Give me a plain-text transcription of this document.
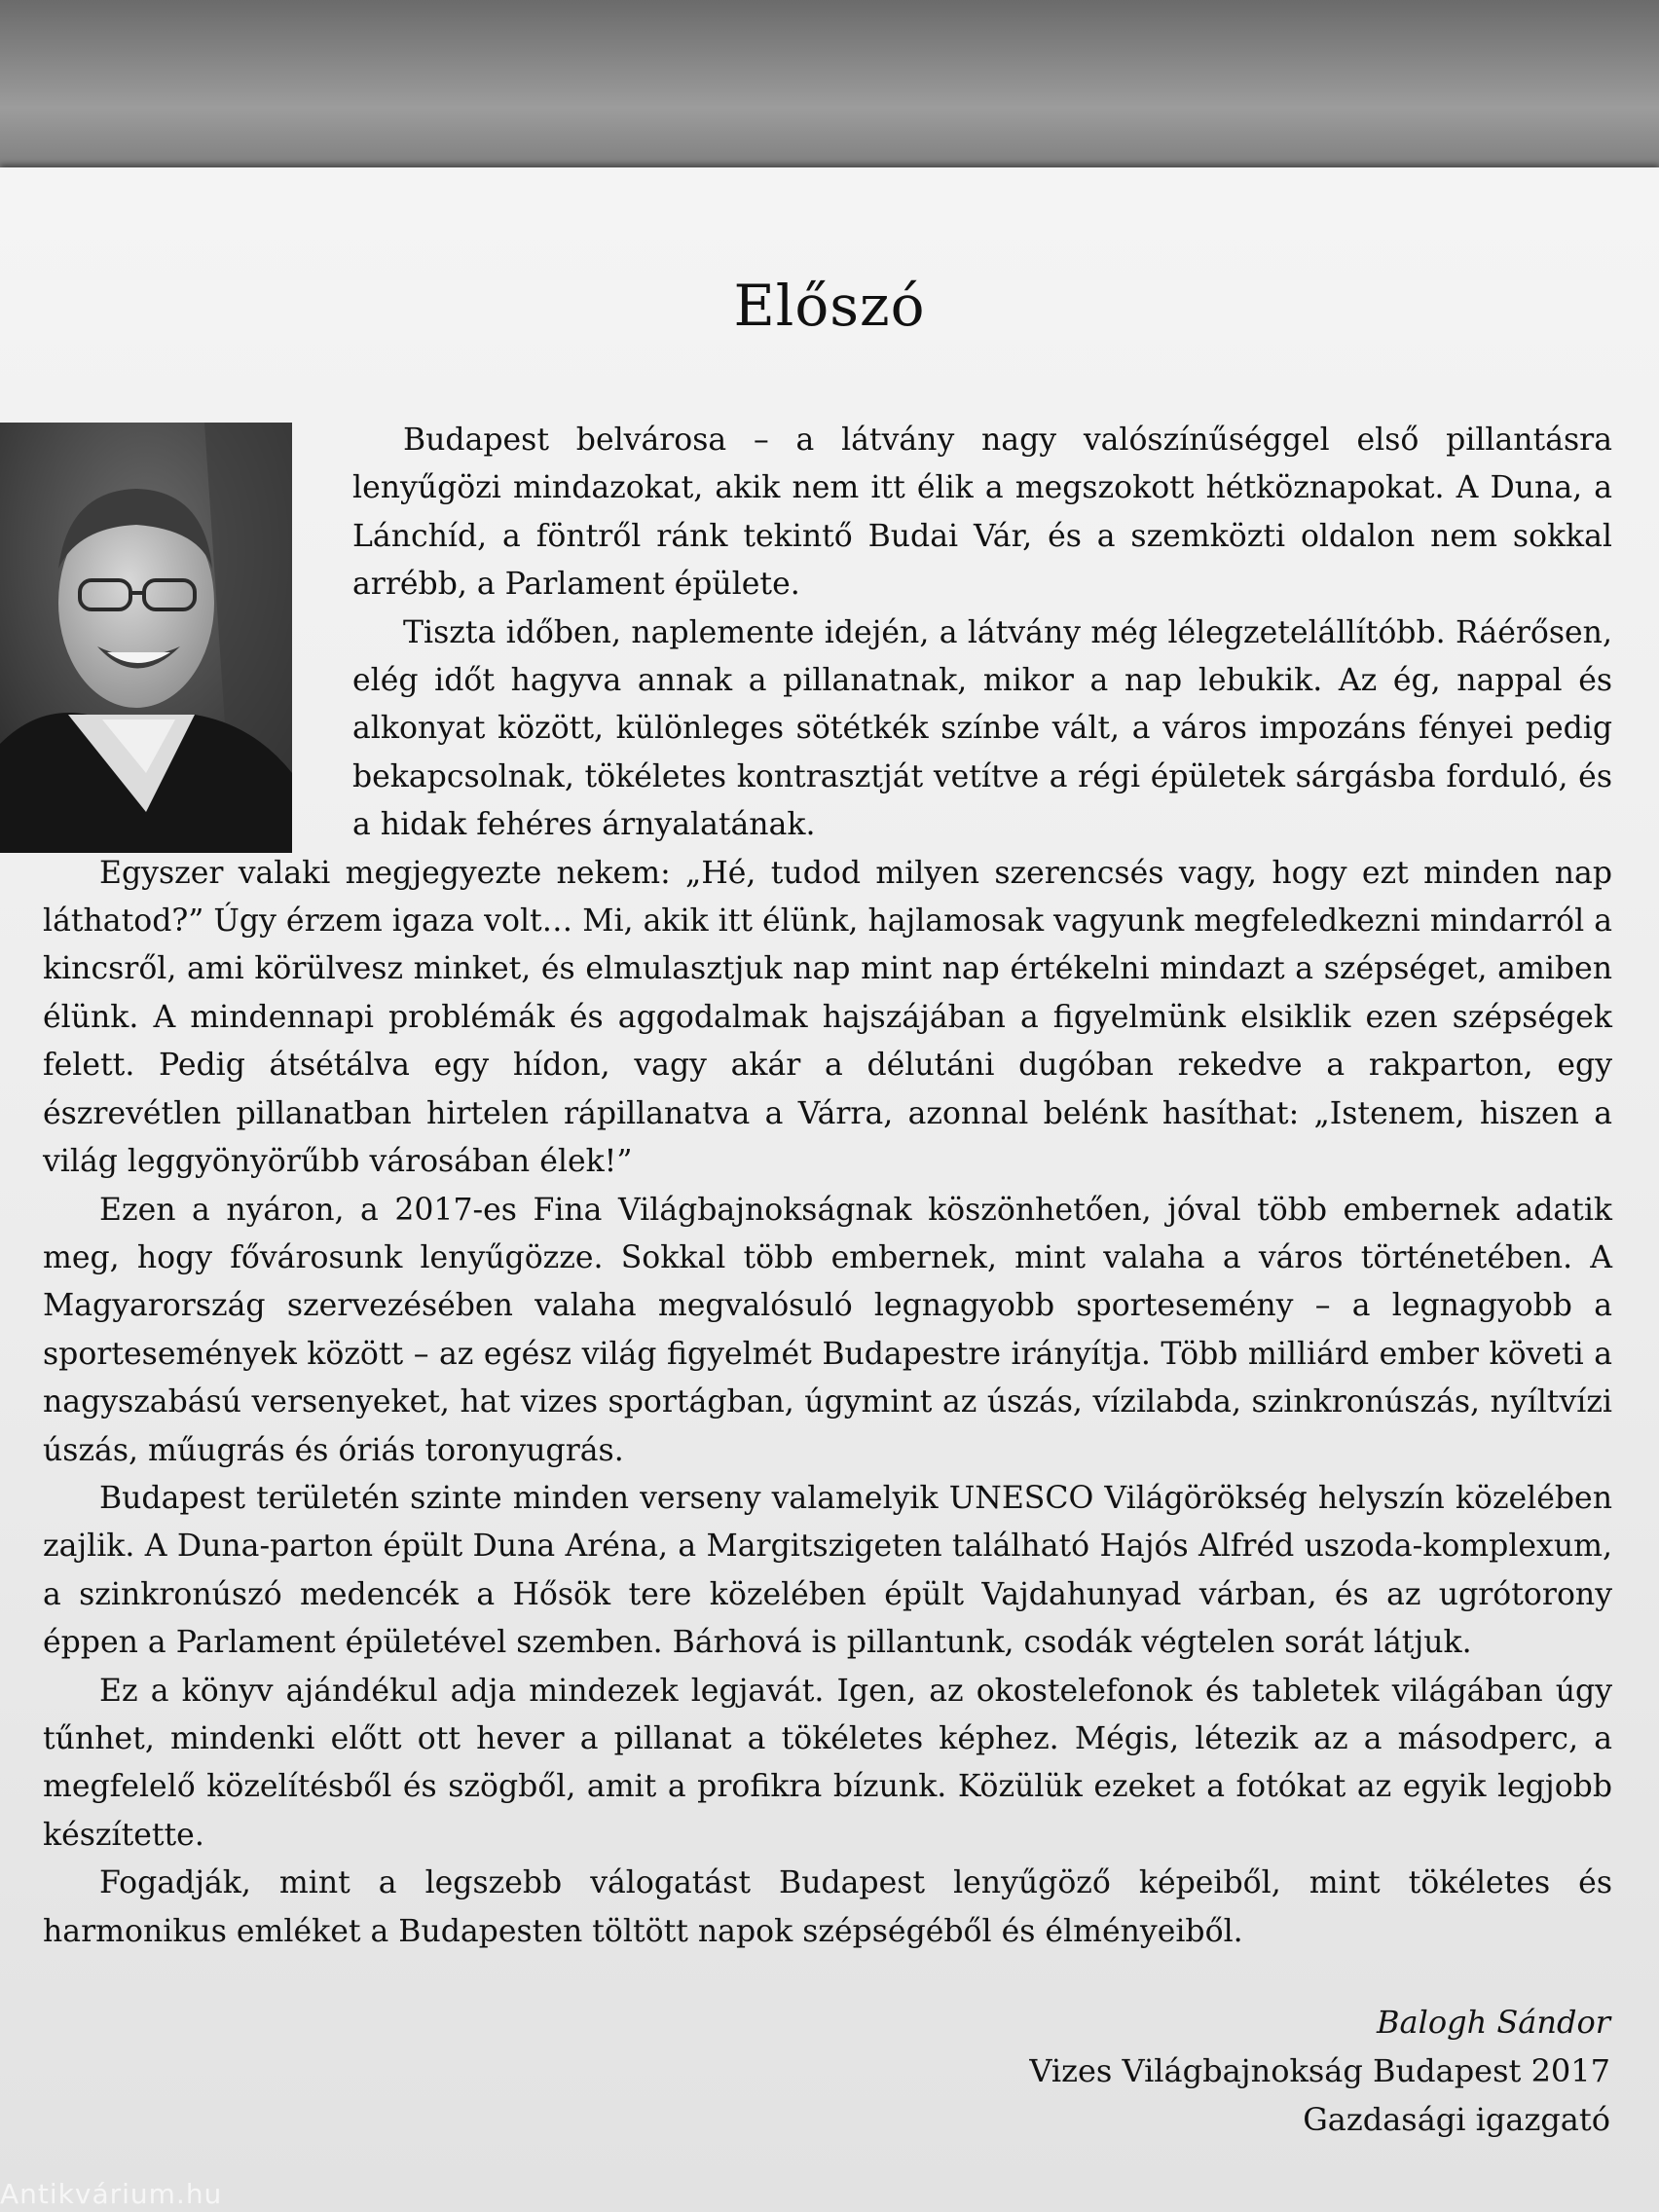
Előszó

Budapest belvárosa – a látvány nagy valószínűséggel első pillantásra lenyűgözi mindazokat, akik nem itt élik a megszokott hétköznapokat. A Duna, a Lánchíd, a föntről ránk tekintő Budai Vár, és a szemközti oldalon nem sokkal arrébb, a Parlament épülete.

Tiszta időben, naplemente idején, a látvány még lélegzetelállítóbb. Ráérősen, elég időt hagyva annak a pillanatnak, mikor a nap lebukik. Az ég, nappal és alkonyat között, különleges sötétkék színbe vált, a város impozáns fényei pedig bekapcsolnak, tökéletes kontrasztját vetítve a régi épületek sárgásba forduló, és a hidak fehéres árnyalatának.

Egyszer valaki megjegyezte nekem: „Hé, tudod milyen szerencsés vagy, hogy ezt minden nap láthatod?” Úgy érzem igaza volt… Mi, akik itt élünk, hajlamosak vagyunk megfeledkezni mindarról a kincsről, ami körülvesz minket, és elmulasztjuk nap mint nap értékelni mindazt a szépséget, amiben élünk. A mindennapi problémák és aggodalmak hajszájában a figyelmünk elsiklik ezen szépségek felett. Pedig átsétálva egy hídon, vagy akár a délutáni dugóban rekedve a rakparton, egy észrevétlen pillanatban hirtelen rápillanatva a Várra, azonnal belénk hasíthat: „Istenem, hiszen a világ leggyönyörűbb városában élek!”

Ezen a nyáron, a 2017-es Fina Világbajnokságnak köszönhetően, jóval több embernek adatik meg, hogy fővárosunk lenyűgözze. Sokkal több embernek, mint valaha a város történetében. A Magyarország szervezésében valaha megvalósuló legnagyobb sportesemény – a legnagyobb a sportesemények között – az egész világ figyelmét Budapestre irányítja. Több milliárd ember követi a nagyszabású versenyeket, hat vizes sportágban, úgymint az úszás, vízilabda, szinkronúszás, nyíltvízi úszás, műugrás és óriás toronyugrás.

Budapest területén szinte minden verseny valamelyik UNESCO Világörökség helyszín közelében zajlik. A Duna-parton épült Duna Aréna, a Margitszigeten található Hajós Alfréd uszoda-komplexum, a szinkronúszó medencék a Hősök tere közelében épült Vajdahunyad várban, és az ugrótorony éppen a Parlament épületével szemben. Bárhová is pillantunk, csodák végtelen sorát látjuk.

Ez a könyv ajándékul adja mindezek legjavát. Igen, az okostelefonok és tabletek világában úgy tűnhet, mindenki előtt ott hever a pillanat a tökéletes képhez. Mégis, létezik az a másodperc, a megfelelő közelítésből és szögből, amit a profikra bízunk. Közülük ezeket a fotókat az egyik legjobb készítette.

Fogadják, mint a legszebb válogatást Budapest lenyűgöző képeiből, mint tökéletes és harmonikus emléket a Budapesten töltött napok szépségéből és élményeiből.

Balogh Sándor
Vizes Világbajnokság Budapest 2017
Gazdasági igazgató
Antikvárium.hu
